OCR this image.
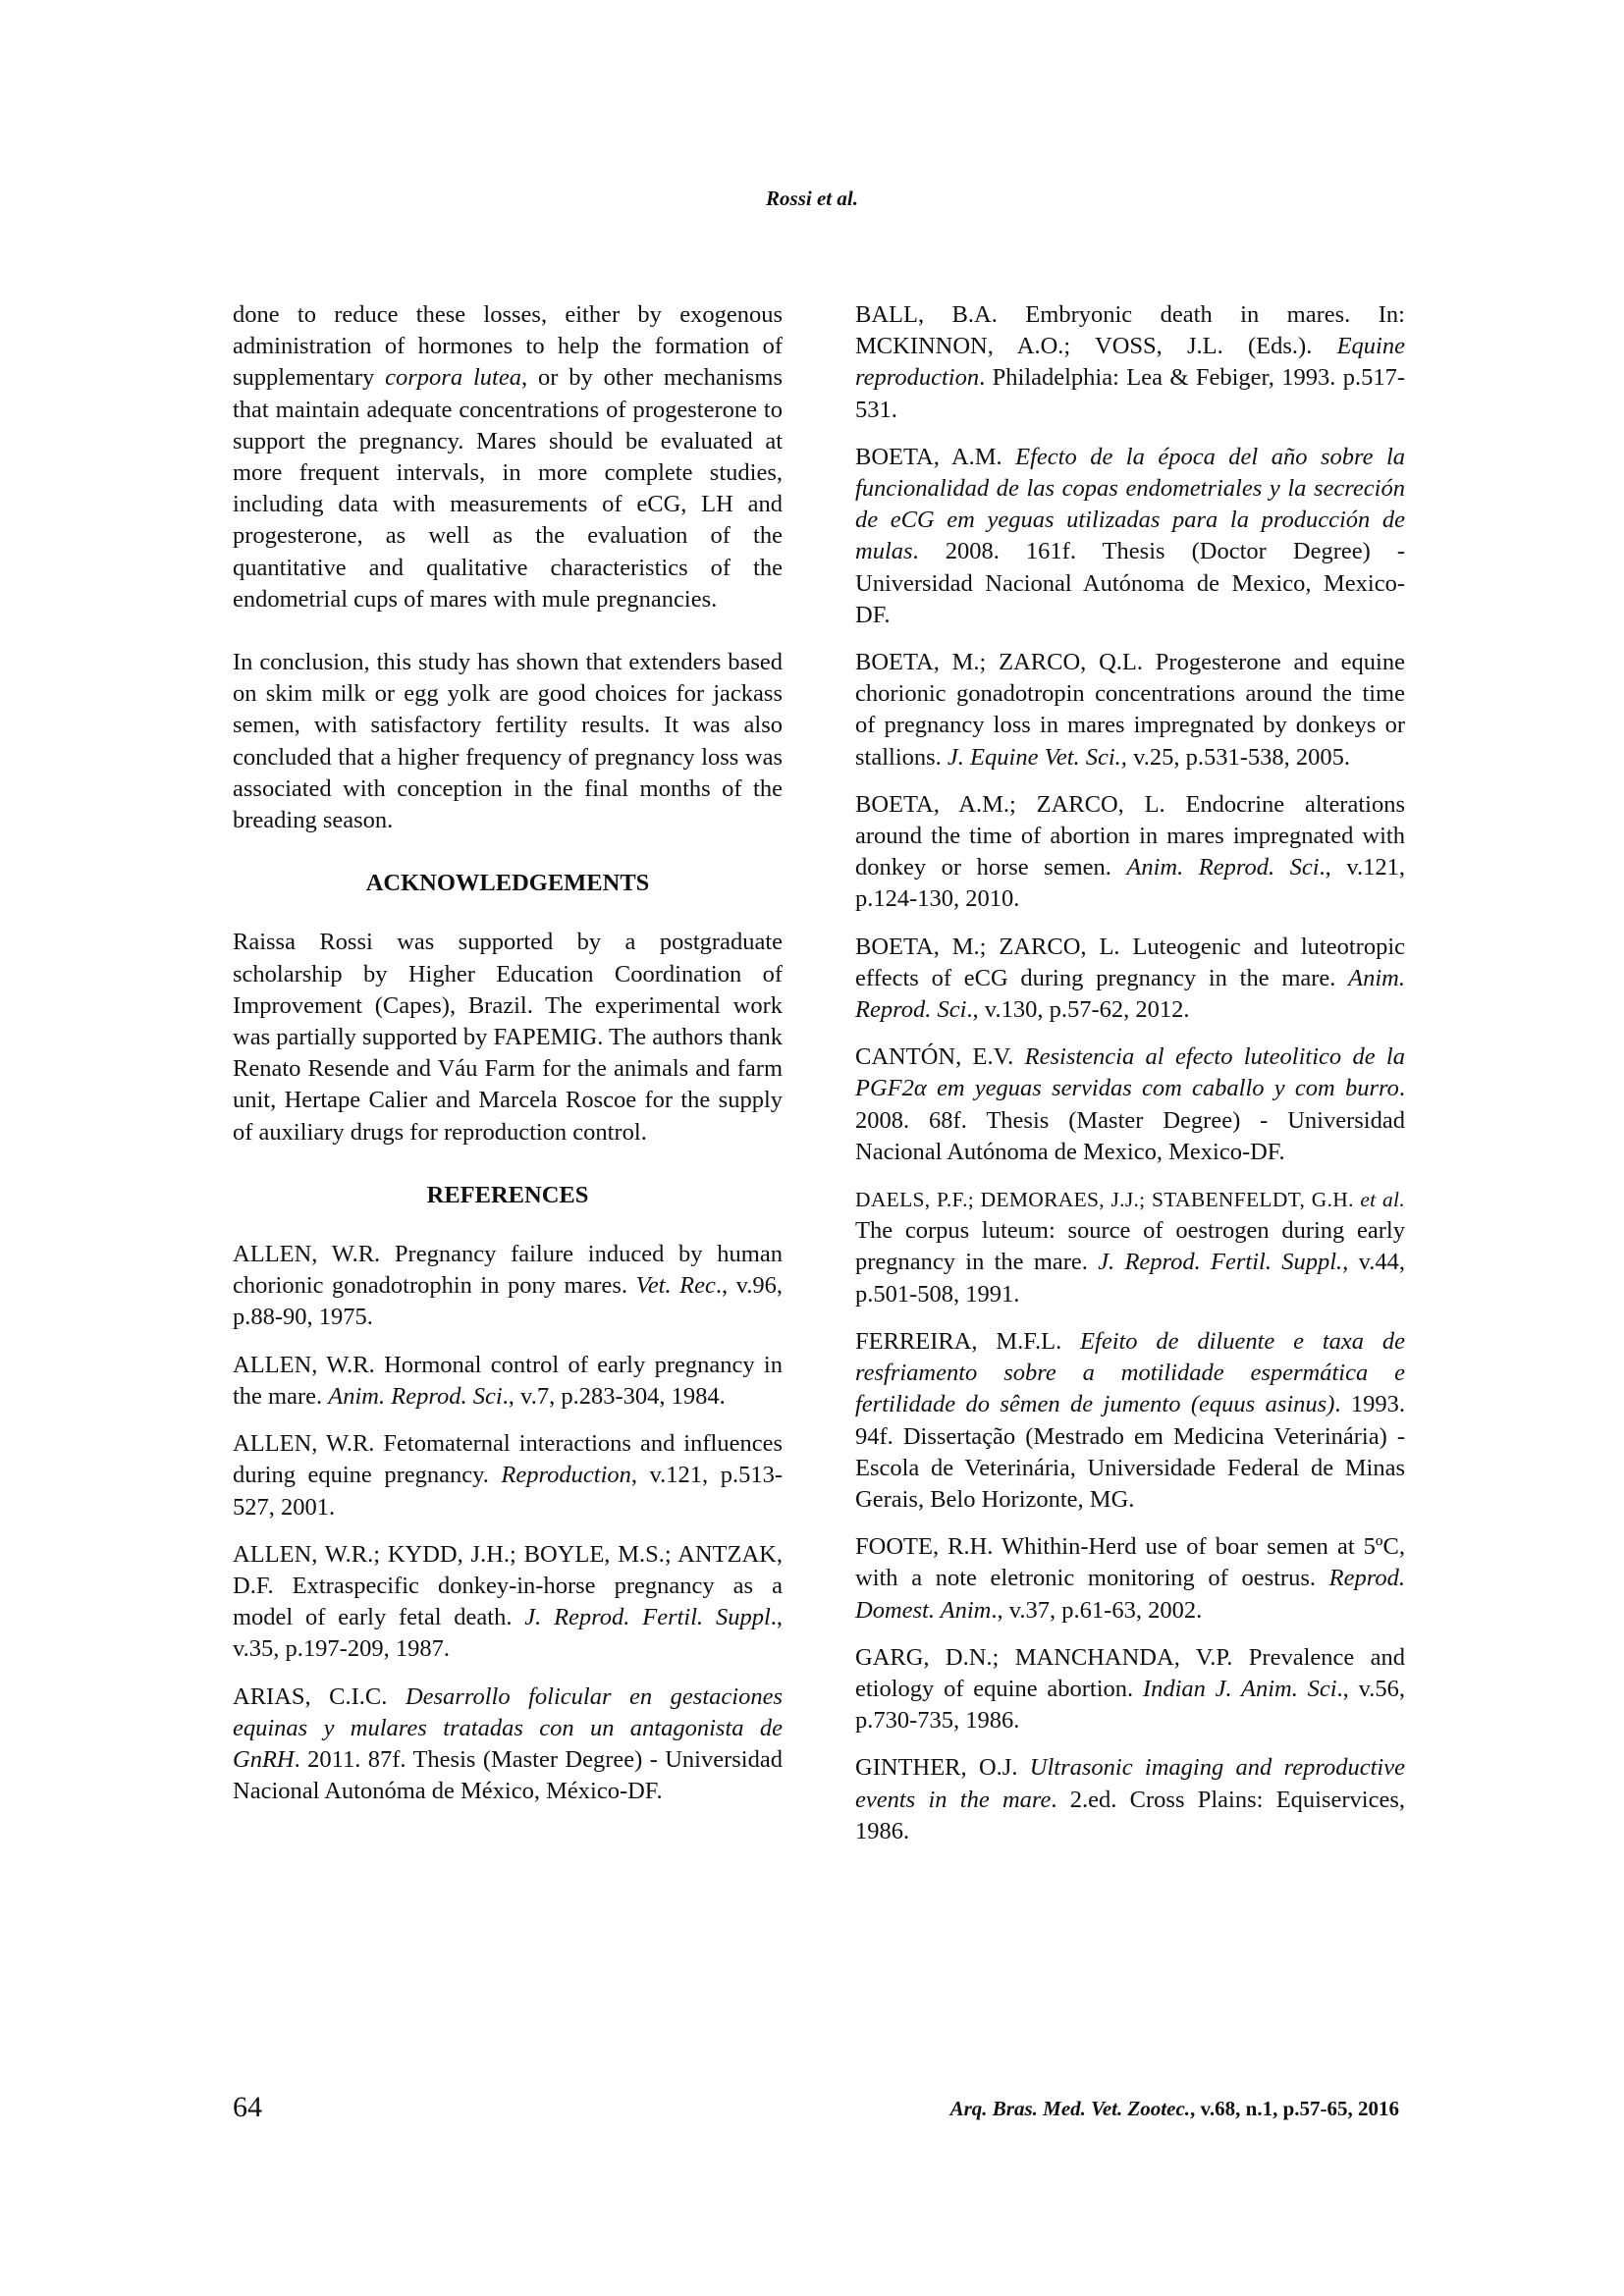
Rossi et al.

done to reduce these losses, either by exogenous administration of hormones to help the formation of supplementary corpora lutea, or by other mechanisms that maintain adequate concentrations of progesterone to support the pregnancy. Mares should be evaluated at more frequent intervals, in more complete studies, including data with measurements of eCG, LH and progesterone, as well as the evaluation of the quantitative and qualitative characteristics of the endometrial cups of mares with mule pregnancies.

In conclusion, this study has shown that extenders based on skim milk or egg yolk are good choices for jackass semen, with satisfactory fertility results. It was also concluded that a higher frequency of pregnancy loss was associated with conception in the final months of the breading season.

ACKNOWLEDGEMENTS

Raissa Rossi was supported by a postgraduate scholarship by Higher Education Coordination of Improvement (Capes), Brazil. The experimental work was partially supported by FAPEMIG. The authors thank Renato Resende and Váu Farm for the animals and farm unit, Hertape Calier and Marcela Roscoe for the supply of auxiliary drugs for reproduction control.

REFERENCES

ALLEN, W.R. Pregnancy failure induced by human chorionic gonadotrophin in pony mares. Vet. Rec., v.96, p.88-90, 1975.

ALLEN, W.R. Hormonal control of early pregnancy in the mare. Anim. Reprod. Sci., v.7, p.283-304, 1984.

ALLEN, W.R. Fetomaternal interactions and influences during equine pregnancy. Reproduction, v.121, p.513-527, 2001.

ALLEN, W.R.; KYDD, J.H.; BOYLE, M.S.; ANTZAK, D.F. Extraspecific donkey-in-horse pregnancy as a model of early fetal death. J. Reprod. Fertil. Suppl., v.35, p.197-209, 1987.

ARIAS, C.I.C. Desarrollo folicular en gestaciones equinas y mulares tratadas con un antagonista de GnRH. 2011. 87f. Thesis (Master Degree) - Universidad Nacional Autonóma de México, México-DF.

BALL, B.A. Embryonic death in mares. In: MCKINNON, A.O.; VOSS, J.L. (Eds.). Equine reproduction. Philadelphia: Lea & Febiger, 1993. p.517-531.

BOETA, A.M. Efecto de la época del año sobre la funcionalidad de las copas endometriales y la secreción de eCG em yeguas utilizadas para la producción de mulas. 2008. 161f. Thesis (Doctor Degree) - Universidad Nacional Autónoma de Mexico, Mexico-DF.

BOETA, M.; ZARCO, Q.L. Progesterone and equine chorionic gonadotropin concentrations around the time of pregnancy loss in mares impregnated by donkeys or stallions. J. Equine Vet. Sci., v.25, p.531-538, 2005.

BOETA, A.M.; ZARCO, L. Endocrine alterations around the time of abortion in mares impregnated with donkey or horse semen. Anim. Reprod. Sci., v.121, p.124-130, 2010.

BOETA, M.; ZARCO, L. Luteogenic and luteotropic effects of eCG during pregnancy in the mare. Anim. Reprod. Sci., v.130, p.57-62, 2012.

CANTÓN, E.V. Resistencia al efecto luteolitico de la PGF2α em yeguas servidas com caballo y com burro. 2008. 68f. Thesis (Master Degree) - Universidad Nacional Autónoma de Mexico, Mexico-DF.

DAELS, P.F.; DEMORAES, J.J.; STABENFELDT, G.H. et al. The corpus luteum: source of oestrogen during early pregnancy in the mare. J. Reprod. Fertil. Suppl., v.44, p.501-508, 1991.

FERREIRA, M.F.L. Efeito de diluente e taxa de resfriamento sobre a motilidade espermática e fertilidade do sêmen de jumento (equus asinus). 1993. 94f. Dissertação (Mestrado em Medicina Veterinária) - Escola de Veterinária, Universidade Federal de Minas Gerais, Belo Horizonte, MG.

FOOTE, R.H. Whithin-Herd use of boar semen at 5ºC, with a note eletronic monitoring of oestrus. Reprod. Domest. Anim., v.37, p.61-63, 2002.

GARG, D.N.; MANCHANDA, V.P. Prevalence and etiology of equine abortion. Indian J. Anim. Sci., v.56, p.730-735, 1986.

GINTHER, O.J. Ultrasonic imaging and reproductive events in the mare. 2.ed. Cross Plains: Equiservices, 1986.

64	Arq. Bras. Med. Vet. Zootec., v.68, n.1, p.57-65, 2016
